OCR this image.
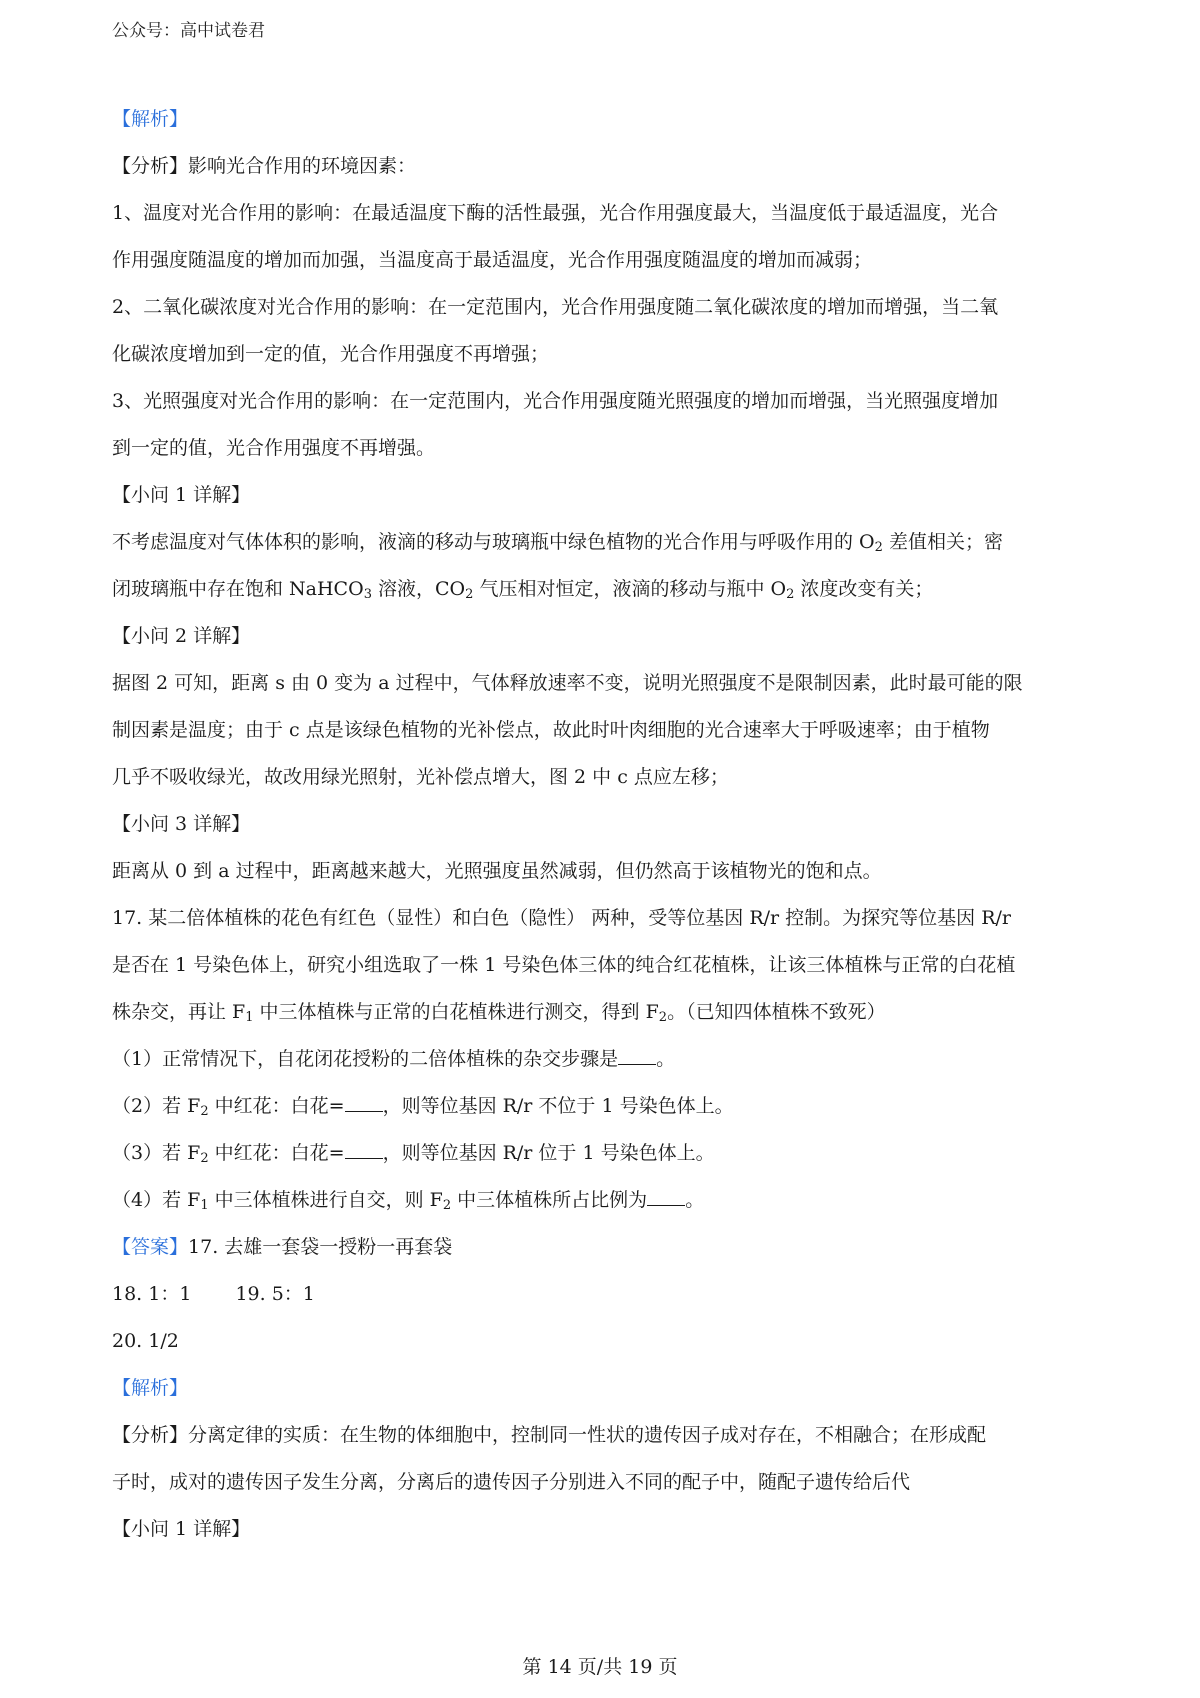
公众号：高中试卷君

【解析】

【分析】影响光合作用的环境因素：

1、温度对光合作用的影响：在最适温度下酶的活性最强，光合作用强度最大，当温度低于最适温度，光合

作用强度随温度的增加而加强，当温度高于最适温度，光合作用强度随温度的增加而减弱；

2、二氧化碳浓度对光合作用的影响：在一定范围内，光合作用强度随二氧化碳浓度的增加而增强，当二氧

化碳浓度增加到一定的值，光合作用强度不再增强；

3、光照强度对光合作用的影响：在一定范围内，光合作用强度随光照强度的增加而增强，当光照强度增加

到一定的值，光合作用强度不再增强。

【小问 1 详解】

不考虑温度对气体体积的影响，液滴的移动与玻璃瓶中绿色植物的光合作用与呼吸作用的 $O_2$ 差值相关；密

闭玻璃瓶中存在饱和 NaHCO$_3$ 溶液，$CO_2$ 气压相对恒定，液滴的移动与瓶中 $O_2$ 浓度改变有关；

【小问 2 详解】

据图 2 可知，距离 s 由 0 变为 a 过程中，气体释放速率不变，说明光照强度不是限制因素，此时最可能的限

制因素是温度；由于 c 点是该绿色植物的光补偿点，故此时叶肉细胞的光合速率大于呼吸速率；由于植物

几乎不吸收绿光，故改用绿光照射，光补偿点增大，图 2 中 c 点应左移；

【小问 3 详解】

距离从 0 到 a 过程中，距离越来越大，光照强度虽然减弱，但仍然高于该植物光的饱和点。

17. 某二倍体植株的花色有红色（显性）和白色（隐性） 两种，受等位基因 R/r 控制。为探究等位基因 R/r

是否在 1 号染色体上，研究小组选取了一株 1 号染色体三体的纯合红花植株，让该三体植株与正常的白花植

株杂交，再让 $F_1$ 中三体植株与正常的白花植株进行测交，得到 $F_2$。（已知四体植株不致死）

（1）正常情况下，自花闭花授粉的二倍体植株的杂交步骤是 。

（2）若 $F_2$ 中红花：白花= ，则等位基因 R/r 不位于 1 号染色体上。

（3）若 $F_2$ 中红花：白花= ，则等位基因 R/r 位于 1 号染色体上。

（4）若 $F_1$ 中三体植株进行自交，则 $F_2$ 中三体植株所占比例为 。

【答案】17. 去雄一套袋一授粉一再套袋

18. 1：1 19. 5：1

20. 1/2

【解析】

【分析】分离定律的实质：在生物的体细胞中，控制同一性状的遗传因子成对存在，不相融合；在形成配

子时，成对的遗传因子发生分离，分离后的遗传因子分别进入不同的配子中，随配子遗传给后代

【小问 1 详解】

第 14 页/共 19 页
